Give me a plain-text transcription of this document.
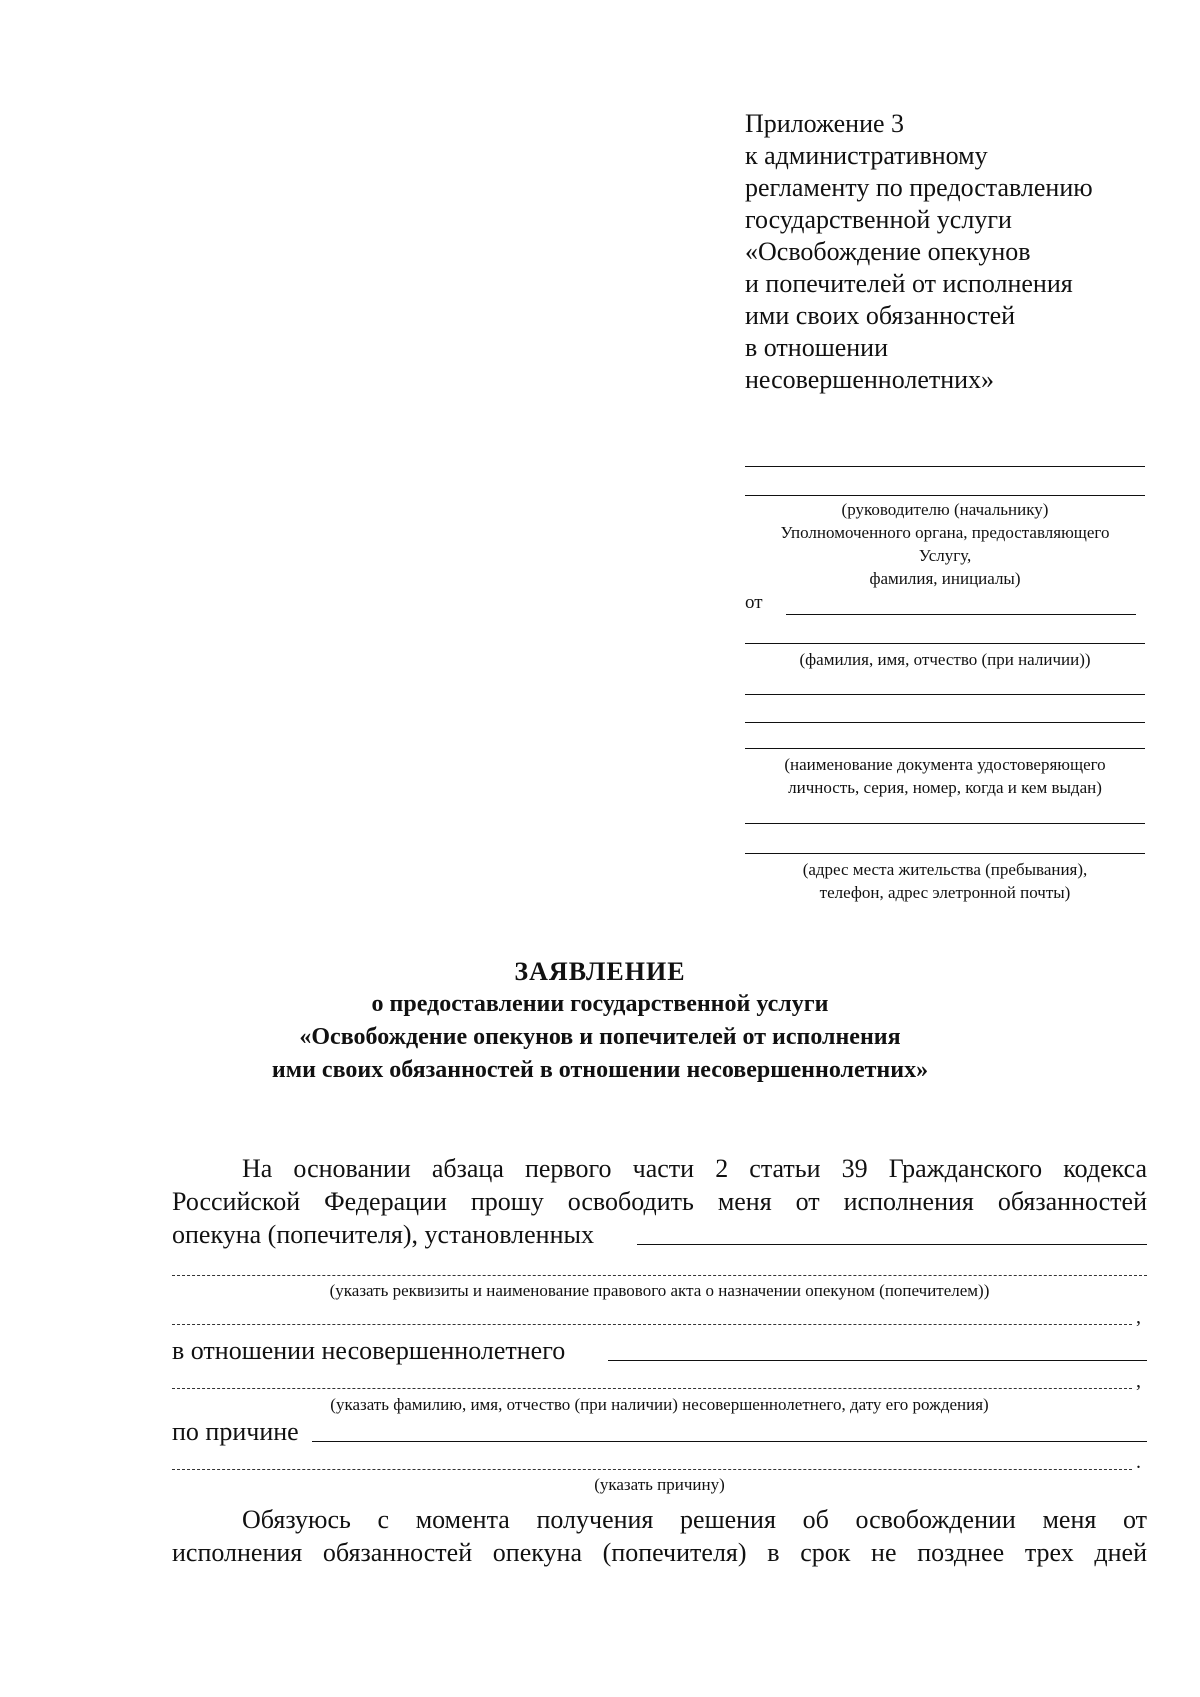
Приложение 3
к административному
регламенту по предоставлению
государственной услуги
«Освобождение опекунов
и попечителей от исполнения
ими своих обязанностей
в отношении
несовершеннолетних»
(руководителю (начальнику)
Уполномоченного органа, предоставляющего
Услугу,
фамилия, инициалы)
от
(фамилия, имя, отчество (при наличии))
(наименование документа удостоверяющего
личность, серия, номер, когда и кем выдан)
(адрес места жительства (пребывания),
телефон, адрес элетронной почты)
ЗАЯВЛЕНИЕ
о предоставлении государственной услуги
«Освобождение опекунов и попечителей от исполнения
ими своих обязанностей в отношении несовершеннолетних»
На основании абзаца первого части 2 статьи 39 Гражданского кодекса
Российской Федерации прошу освободить меня от исполнения обязанностей
опекуна (попечителя), установленных
(указать реквизиты и наименование правового акта о назначении опекуном (попечителем))
,
в отношении несовершеннолетнего
,
(указать фамилию, имя, отчество (при наличии) несовершеннолетнего, дату его рождения)
по причине
.
(указать причину)
Обязуюсь с момента получения решения об освобождении меня от
исполнения обязанностей опекуна (попечителя) в срок не позднее трех дней
